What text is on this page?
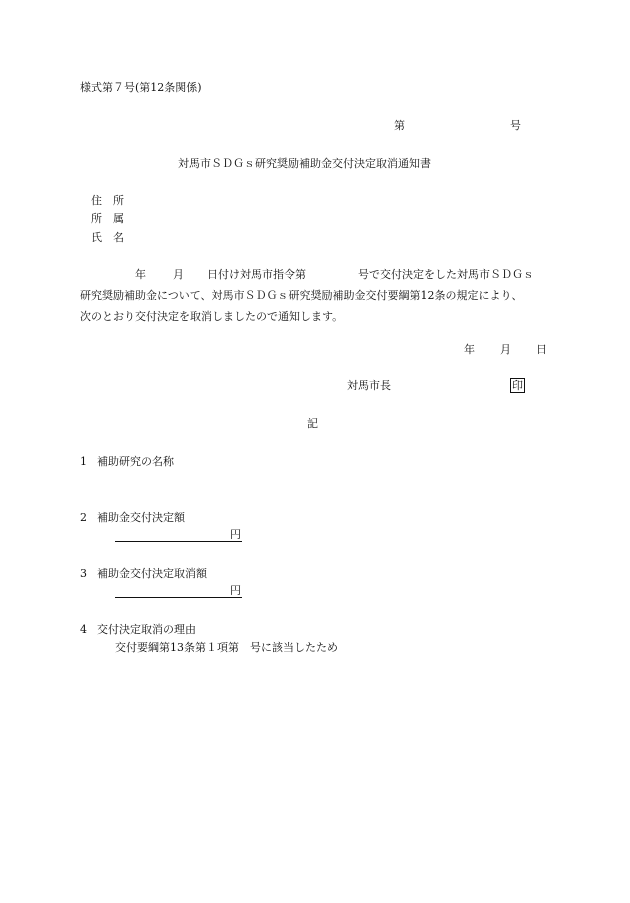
様式第７号(第12条関係)
第	号
対馬市ＳＤＧｓ研究奨励補助金交付決定取消通知書
住　所
所　属
氏　名
年 月 日付け対馬市指令第	号で交付決定をした対馬市ＳＤＧｓ
研究奨励補助金について、対馬市ＳＤＧｓ研究奨励補助金交付要綱第12条の規定により、
次のとおり交付決定を取消しましたので通知します。
年 月 日
対馬市長	印
記
1 補助研究の名称
2 補助金交付決定額
円
3 補助金交付決定取消額
円
4 交付決定取消の理由
交付要綱第13条第１項第　号に該当したため
